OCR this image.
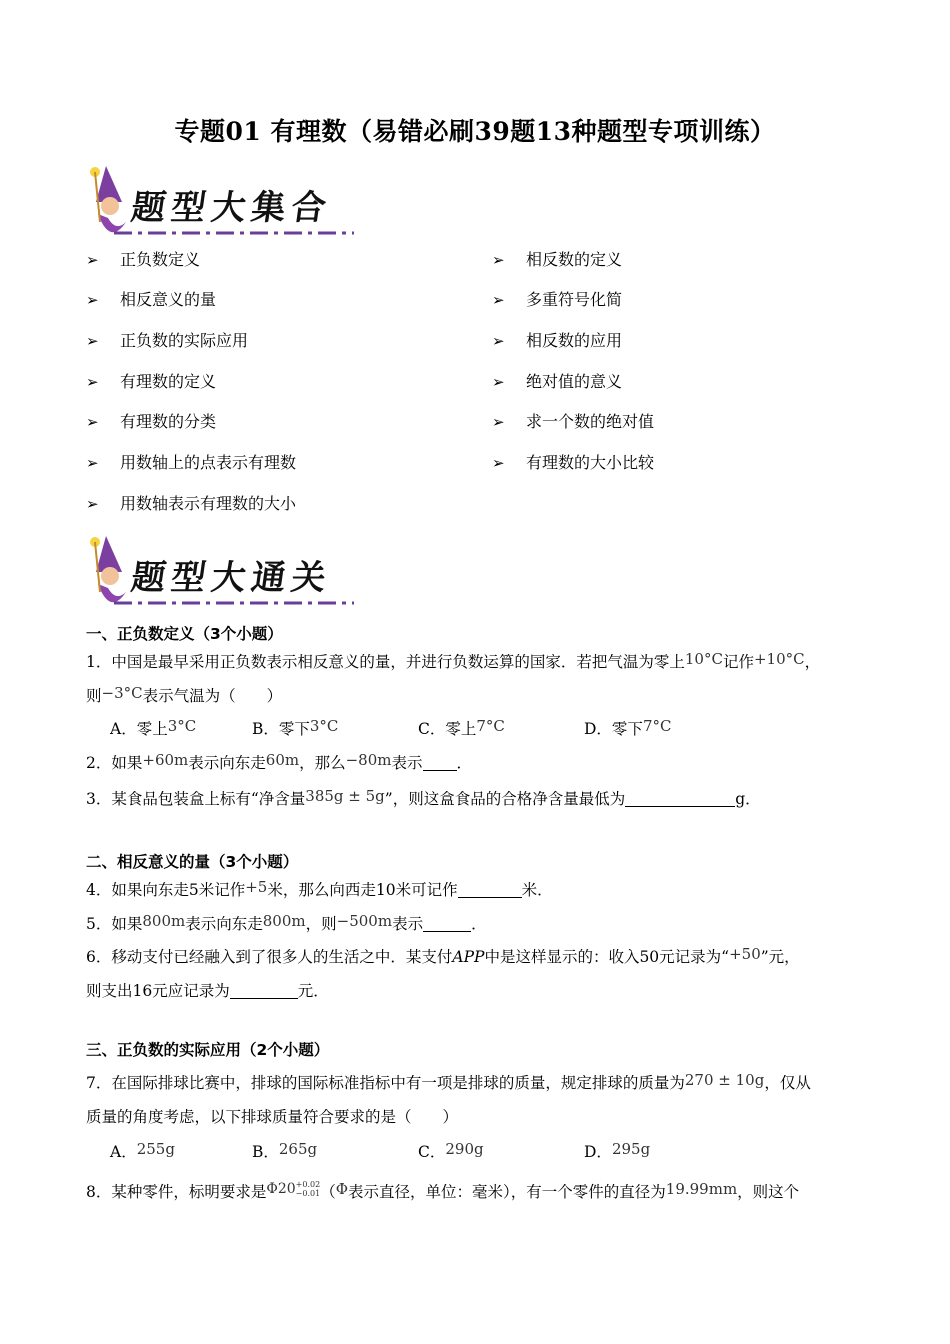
专题01 有理数（易错必刷39题13种题型专项训练）
题型大集合
➢ 正负数定义
➢ 相反意义的量
➢ 正负数的实际应用
➢ 有理数的定义
➢ 有理数的分类
➢ 用数轴上的点表示有理数
➢ 用数轴表示有理数的大小
➢ 相反数的定义
➢ 多重符号化简
➢ 相反数的应用
➢ 绝对值的意义
➢ 求一个数的绝对值
➢ 有理数的大小比较
题型大通关
一、正负数定义（3个小题）
1．中国是最早采用正负数表示相反意义的量，并进行负数运算的国家．若把气温为零上10°C记作+10°C，
则−3°C表示气温为（　　）
A．零上3°C	B．零下3°C	C．零上7°C	D．零下7°C
2．如果+60m表示向东走60m，那么−80m表示 ．
3．某食品包装盒上标有“净含量385g ± 5g”，则这盒食品的合格净含量最低为	g．
二、相反意义的量（3个小题）
4．如果向东走5米记作+5米，那么向西走10米可记作	米．
5．如果800m表示向东走800m，则−500m表示	．
6．移动支付已经融入到了很多人的生活之中．某支付APP中是这样显示的：收入50元记录为“+50”元，
则支出16元应记录为	元．
三、正负数的实际应用（2个小题）
7．在国际排球比赛中，排球的国际标准指标中有一项是排球的质量，规定排球的质量为270 ± 10g，仅从
质量的角度考虑，以下排球质量符合要求的是（　　）
A．255g	B．265g	C．290g	D．295g
8．某种零件，标明要求是Φ20 +0.02
−0.01 （Φ表示直径，单位：毫米），有一个零件的直径为19.99mm，则这个
